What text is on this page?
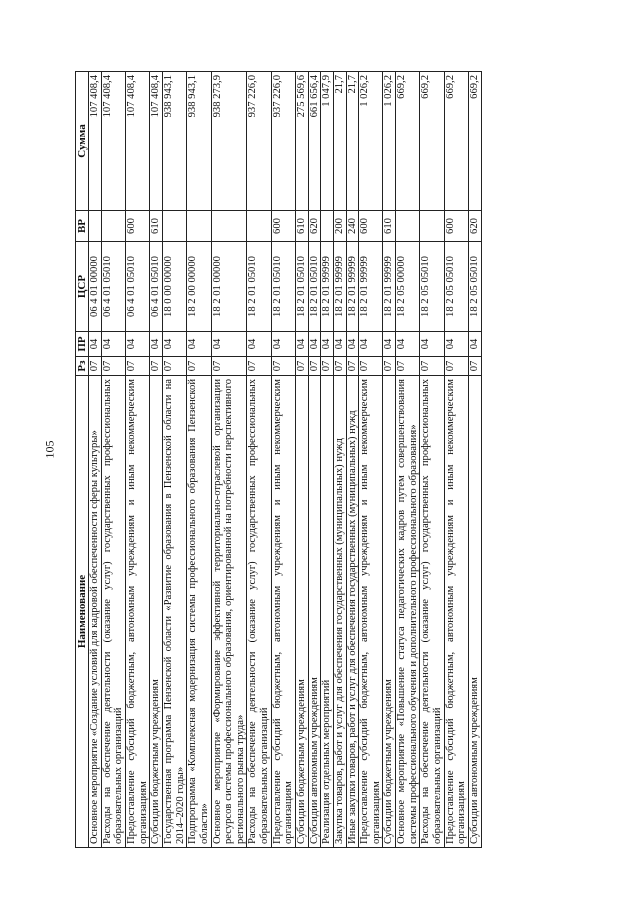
105
Наименование	Рз	ПР	ЦСР	ВР	Сумма
Основное мероприятие «Создание условий для кадровой обеспеченности сферы культуры»	07	04	06 4 01 00000		107 408,4
Расходы на обеспечение деятельности (оказание услуг) государственных профессиональных образовательных организаций	07	04	06 4 01 05010		107 408,4
Предоставление субсидий бюджетным, автономным учреждениям и иным некоммерческим организациям	07	04	06 4 01 05010	600	107 408,4
Субсидии бюджетным учреждениям	07	04	06 4 01 05010	610	107 408,4
Государственная программа Пензенской области «Развитие образования в Пензенской области на 2014–2020 годы»	07	04	18 0 00 00000		938 943,1
Подпрограмма «Комплексная модернизация системы профессионального образования Пензенской области»	07	04	18 2 00 00000		938 943,1
Основное мероприятие «Формирование эффективной территориально-отраслевой организации ресурсов системы профессионального образования, ориентированной на потребности перспективного регионального рынка труда»	07	04	18 2 01 00000		938 273,9
Расходы на обеспечение деятельности (оказание услуг) государственных профессиональных образовательных организаций	07	04	18 2 01 05010		937 226,0
Предоставление субсидий бюджетным, автономным учреждениям и иным некоммерческим организациям	07	04	18 2 01 05010	600	937 226,0
Субсидии бюджетным учреждениям	07	04	18 2 01 05010	610	275 569,6
Субсидии автономным учреждениям	07	04	18 2 01 05010	620	661 656,4
Реализация отдельных мероприятий	07	04	18 2 01 99999		1 047,9
Закупка товаров, работ и услуг для обеспечения государственных (муниципальных) нужд	07	04	18 2 01 99999	200	21,7
Иные закупки товаров, работ и услуг для обеспечения государственных (муниципальных) нужд	07	04	18 2 01 99999	240	21,7
Предоставление субсидий бюджетным, автономным учреждениям и иным некоммерческим организациям	07	04	18 2 01 99999	600	1 026,2
Субсидии бюджетным учреждениям	07	04	18 2 01 99999	610	1 026,2
Основное мероприятие «Повышение статуса педагогических кадров путем совершенствования системы профессионального обучения и дополнительного профессионального образования»	07	04	18 2 05 00000		669,2
Расходы на обеспечение деятельности (оказание услуг) государственных профессиональных образовательных организаций	07	04	18 2 05 05010		669,2
Предоставление субсидий бюджетным, автономным учреждениям и иным некоммерческим организациям	07	04	18 2 05 05010	600	669,2
Субсидии автономным учреждениям	07	04	18 2 05 05010	620	669,2
